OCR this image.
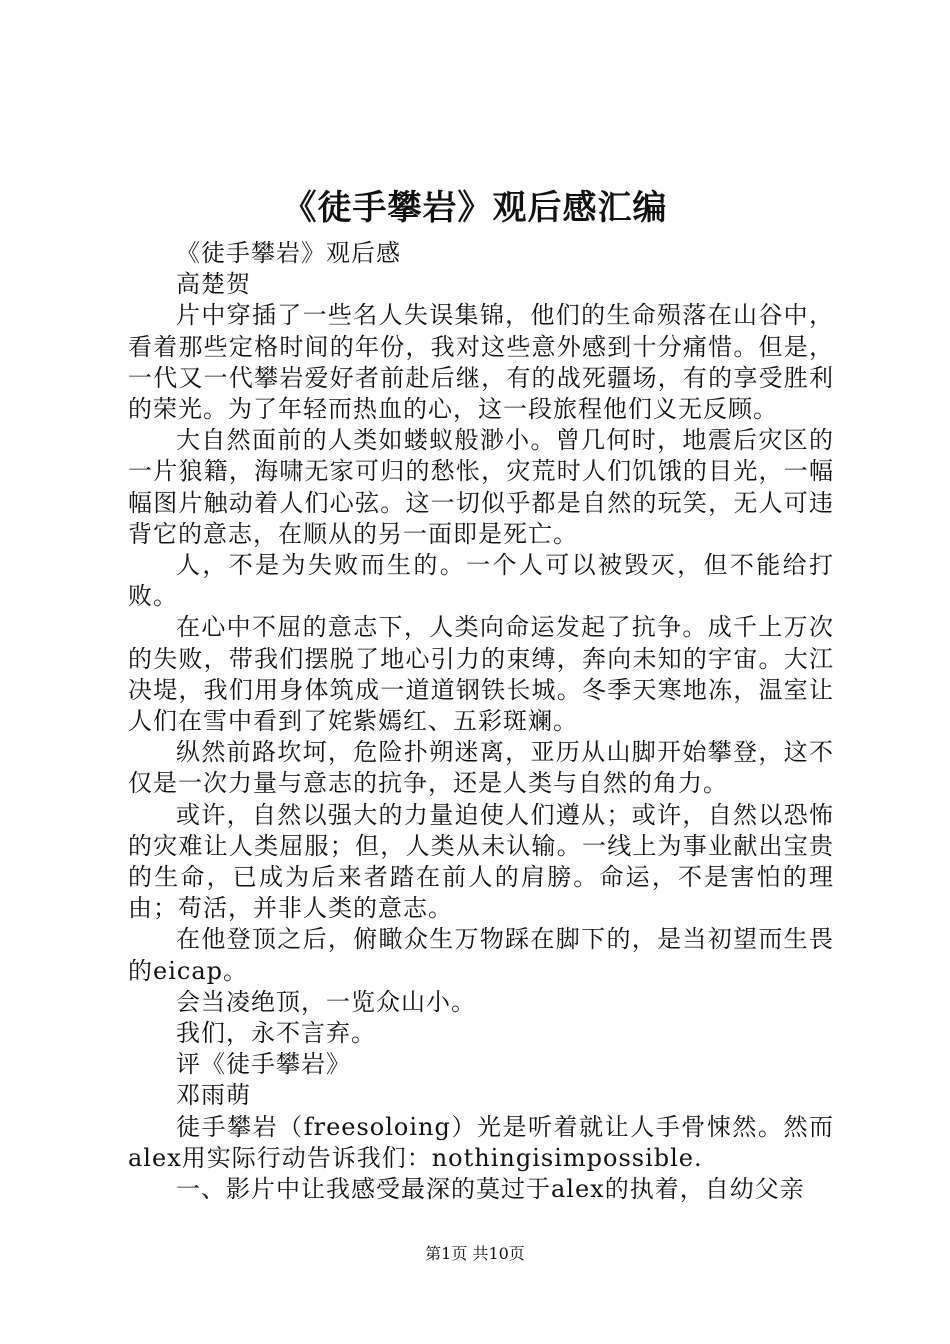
《徒手攀岩》观后感汇编

《徒手攀岩》观后感

高楚贺

片中穿插了一些名人失误集锦，他们的生命殒落在山谷中，看着那些定格时间的年份，我对这些意外感到十分痛惜。但是，一代又一代攀岩爱好者前赴后继，有的战死疆场，有的享受胜利的荣光。为了年轻而热血的心，这一段旅程他们义无反顾。

大自然面前的人类如蝼蚁般渺小。曾几何时，地震后灾区的一片狼籍，海啸无家可归的愁怅，灾荒时人们饥饿的目光，一幅幅图片触动着人们心弦。这一切似乎都是自然的玩笑，无人可违背它的意志，在顺从的另一面即是死亡。

人，不是为失败而生的。一个人可以被毁灭，但不能给打败。

在心中不屈的意志下，人类向命运发起了抗争。成千上万次的失败，带我们摆脱了地心引力的束缚，奔向未知的宇宙。大江决堤，我们用身体筑成一道道钢铁长城。冬季天寒地冻，温室让人们在雪中看到了姹紫嫣红、五彩斑斓。

纵然前路坎坷，危险扑朔迷离，亚历从山脚开始攀登，这不仅是一次力量与意志的抗争，还是人类与自然的角力。

或许，自然以强大的力量迫使人们遵从；或许，自然以恐怖的灾难让人类屈服；但，人类从未认输。一线上为事业献出宝贵的生命，已成为后来者踏在前人的肩膀。命运，不是害怕的理由；苟活，并非人类的意志。

在他登顶之后，俯瞰众生万物踩在脚下的，是当初望而生畏的eicap。

会当凌绝顶，一览众山小。

我们，永不言弃。

评《徒手攀岩》

邓雨萌

徒手攀岩（freesoloing）光是听着就让人手骨悚然。然而alex用实际行动告诉我们：nothingisimpossible.

一、影片中让我感受最深的莫过于alex的执着，自幼父亲

第1页 共10页
